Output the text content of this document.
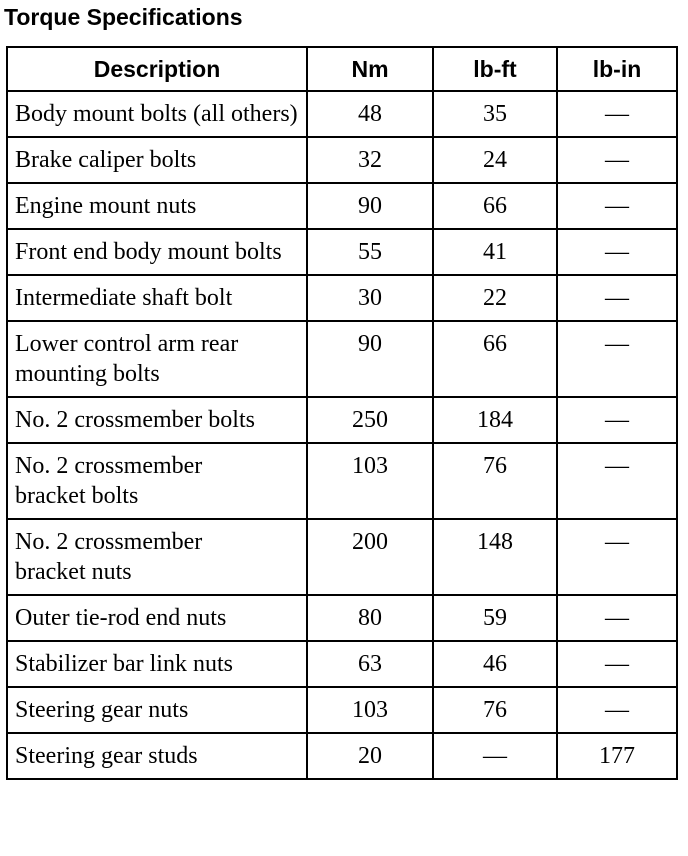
Torque Specifications
Description	Nm	lb-ft	lb-in
Body mount bolts (all others)	48	35	—
Brake caliper bolts	32	24	—
Engine mount nuts	90	66	—
Front end body mount bolts	55	41	—
Intermediate shaft bolt	30	22	—
Lower control arm rear mounting bolts	90	66	—
No. 2 crossmember bolts	250	184	—
No. 2 crossmember bracket bolts	103	76	—
No. 2 crossmember bracket nuts	200	148	—
Outer tie-rod end nuts	80	59	—
Stabilizer bar link nuts	63	46	—
Steering gear nuts	103	76	—
Steering gear studs	20	—	177
